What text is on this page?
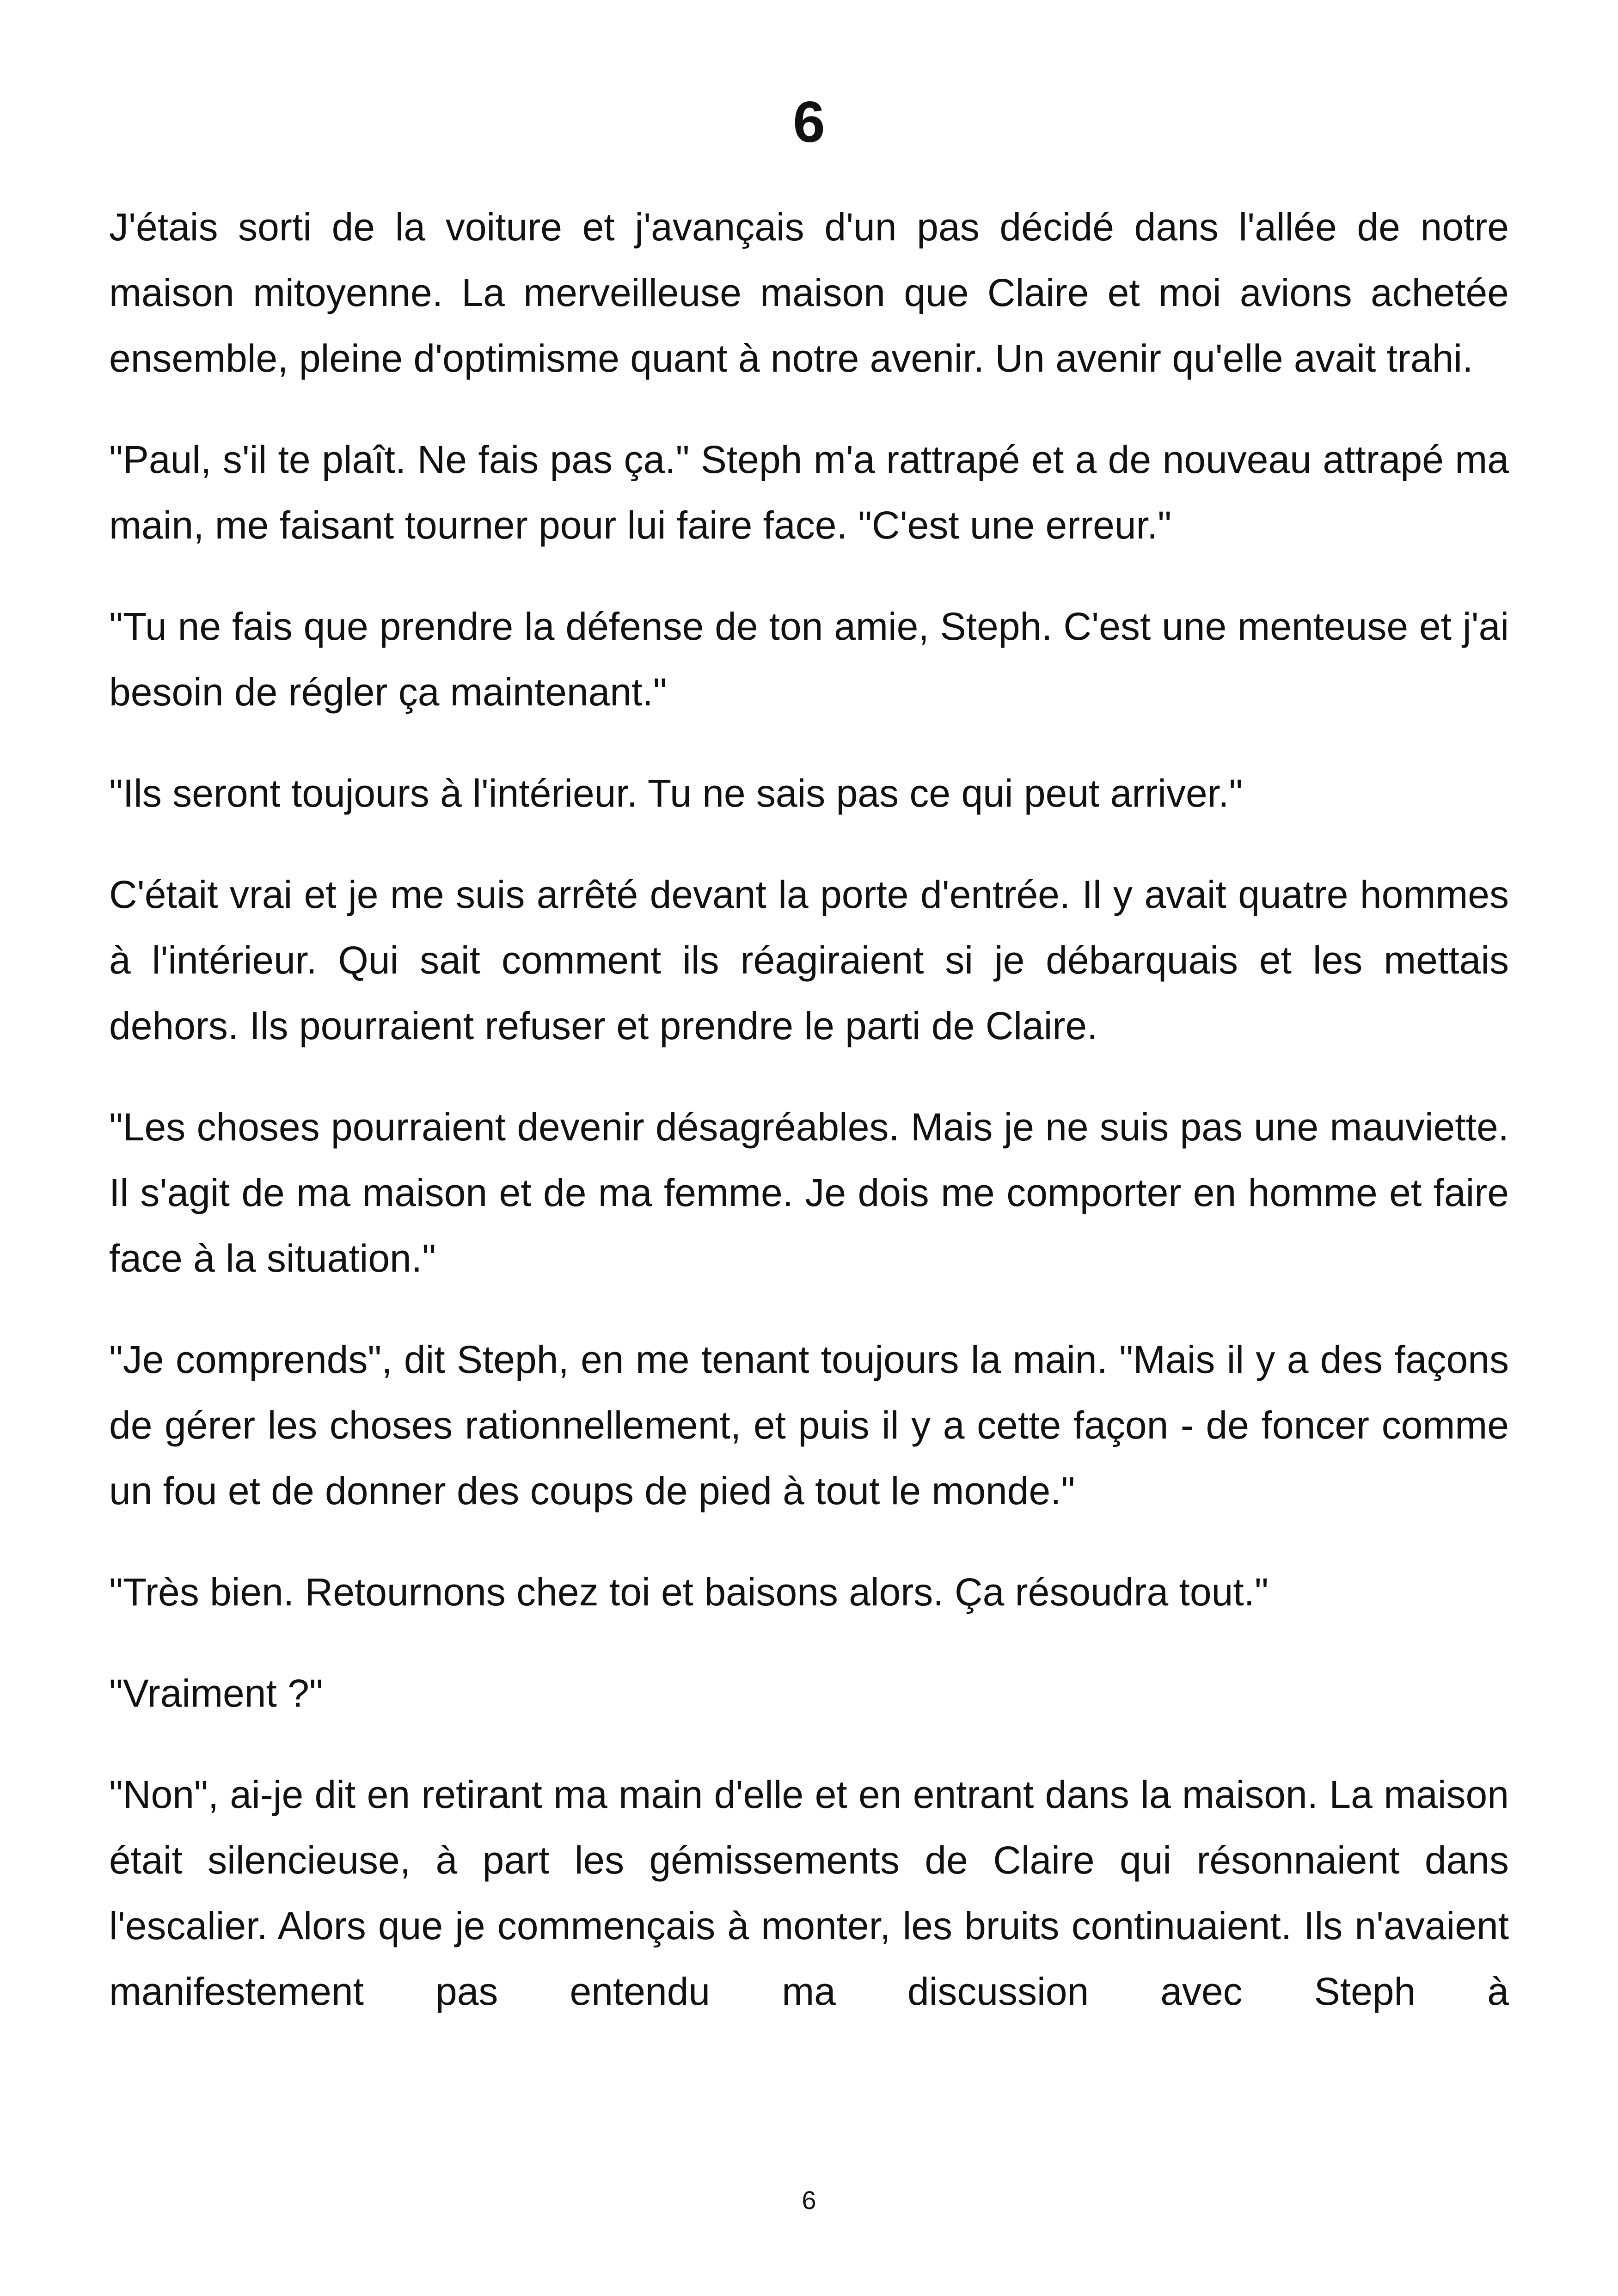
6

J'étais sorti de la voiture et j'avançais d'un pas décidé dans l'allée de notre maison mitoyenne. La merveilleuse maison que Claire et moi avions achetée ensemble, pleine d'optimisme quant à notre avenir. Un avenir qu'elle avait trahi.

"Paul, s'il te plaît. Ne fais pas ça." Steph m'a rattrapé et a de nouveau attrapé ma main, me faisant tourner pour lui faire face. "C'est une erreur."

"Tu ne fais que prendre la défense de ton amie, Steph. C'est une menteuse et j'ai besoin de régler ça maintenant."

"Ils seront toujours à l'intérieur. Tu ne sais pas ce qui peut arriver."

C'était vrai et je me suis arrêté devant la porte d'entrée. Il y avait quatre hommes à l'intérieur. Qui sait comment ils réagiraient si je débarquais et les mettais dehors. Ils pourraient refuser et prendre le parti de Claire.

"Les choses pourraient devenir désagréables. Mais je ne suis pas une mauviette. Il s'agit de ma maison et de ma femme. Je dois me comporter en homme et faire face à la situation."

"Je comprends", dit Steph, en me tenant toujours la main. "Mais il y a des façons de gérer les choses rationnellement, et puis il y a cette façon - de foncer comme un fou et de donner des coups de pied à tout le monde."

"Très bien. Retournons chez toi et baisons alors. Ça résoudra tout."

"Vraiment ?"

"Non", ai-je dit en retirant ma main d'elle et en entrant dans la maison. La maison était silencieuse, à part les gémissements de Claire qui résonnaient dans l'escalier. Alors que je commençais à monter, les bruits continuaient. Ils n'avaient manifestement pas entendu ma discussion avec Steph à

6
